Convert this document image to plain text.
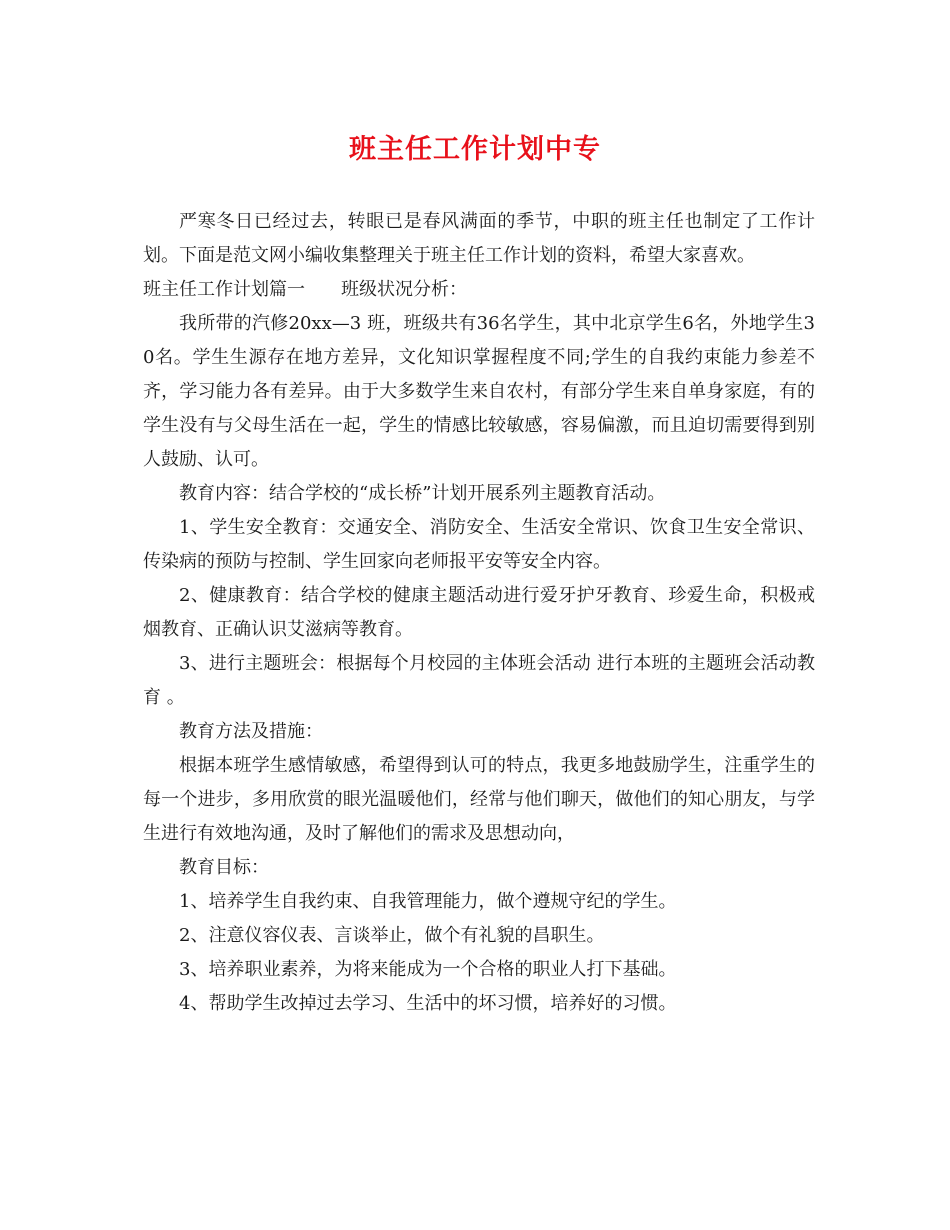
班主任工作计划中专

严寒冬日已经过去，转眼已是春风满面的季节，中职的班主任也制定了工作计划。下面是范文网小编收集整理关于班主任工作计划的资料，希望大家喜欢。

班主任工作计划篇一 班级状况分析：

我所带的汽修20xx—3 班，班级共有36名学生，其中北京学生6名，外地学生30名。学生生源存在地方差异，文化知识掌握程度不同;学生的自我约束能力参差不齐，学习能力各有差异。由于大多数学生来自农村，有部分学生来自单身家庭，有的学生没有与父母生活在一起，学生的情感比较敏感，容易偏激，而且迫切需要得到别人鼓励、认可。

教育内容：结合学校的“成长桥”计划开展系列主题教育活动。

1、学生安全教育：交通安全、消防安全、生活安全常识、饮食卫生安全常识、传染病的预防与控制、学生回家向老师报平安等安全内容。

2、健康教育：结合学校的健康主题活动进行爱牙护牙教育、珍爱生命，积极戒烟教育、正确认识艾滋病等教育。

3、进行主题班会：根据每个月校园的主体班会活动 进行本班的主题班会活动教育 。

教育方法及措施：

根据本班学生感情敏感，希望得到认可的特点，我更多地鼓励学生，注重学生的每一个进步，多用欣赏的眼光温暖他们，经常与他们聊天，做他们的知心朋友，与学生进行有效地沟通，及时了解他们的需求及思想动向，

教育目标：

1、培养学生自我约束、自我管理能力，做个遵规守纪的学生。

2、注意仪容仪表、言谈举止，做个有礼貌的昌职生。

3、培养职业素养，为将来能成为一个合格的职业人打下基础。

4、帮助学生改掉过去学习、生活中的坏习惯，培养好的习惯。
